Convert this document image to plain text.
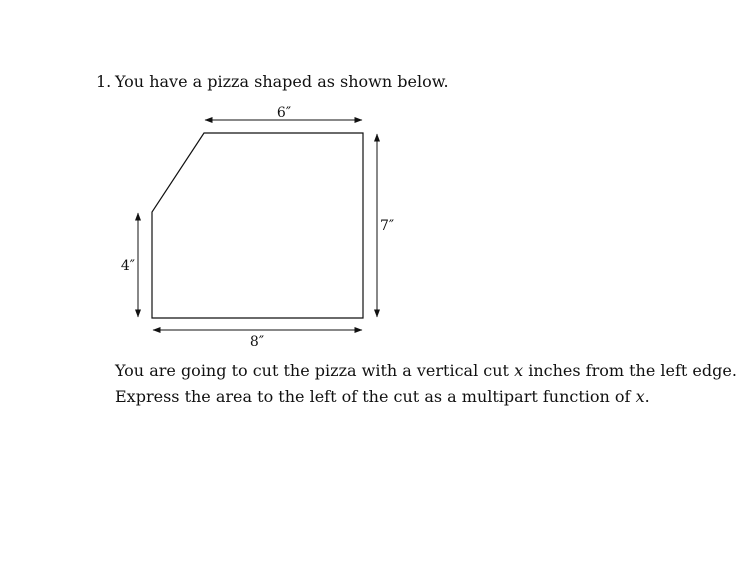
1. You have a pizza shaped as shown below.
6″
7″
4″
8″
You are going to cut the pizza with a vertical cut x inches from the left edge.
Express the area to the left of the cut as a multipart function of x.
